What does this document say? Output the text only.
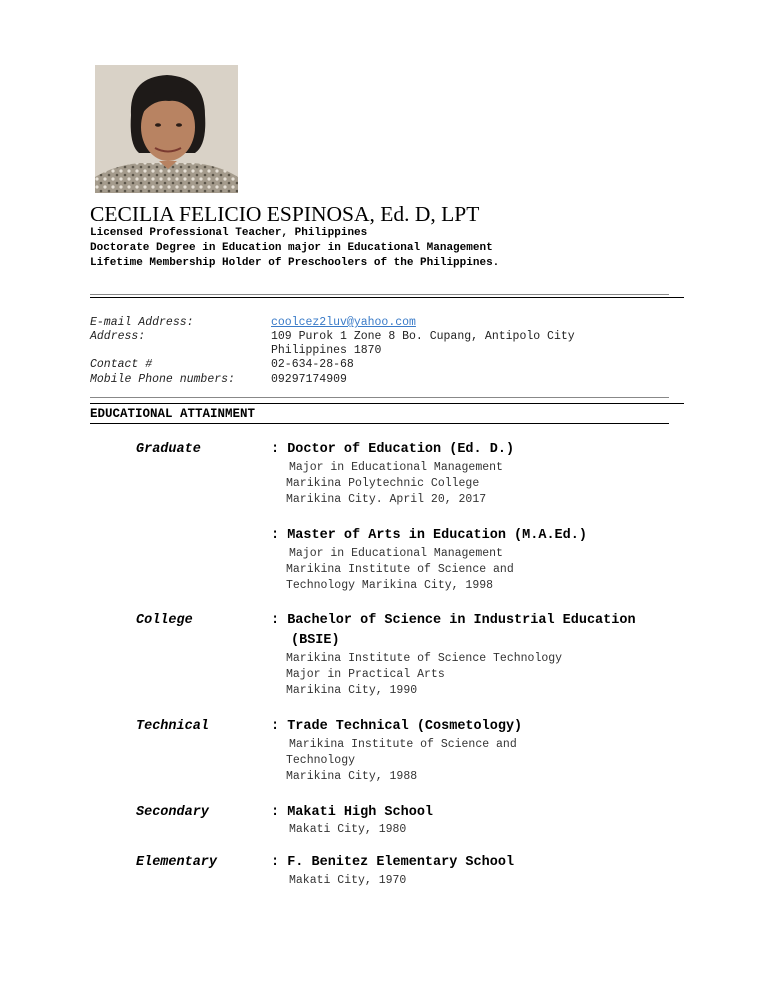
CECILIA FELICIO ESPINOSA, Ed. D, LPT
Licensed Professional Teacher, Philippines
Doctorate Degree in Education major in Educational Management
Lifetime Membership Holder of Preschoolers of the Philippines.
E-mail Address:	coolcez2luv@yahoo.com
Address:	109 Purok 1 Zone 8 Bo. Cupang, Antipolo City
Philippines 1870
Contact #	02-634-28-68
Mobile Phone numbers:	09297174909
EDUCATIONAL ATTAINMENT
Graduate	: Doctor of Education (Ed. D.)
Major in Educational Management
Marikina Polytechnic College
Marikina City. April 20, 2017
: Master of Arts in Education (M.A.Ed.)
Major in Educational Management
Marikina Institute of Science and
Technology Marikina City, 1998
College	: Bachelor of Science in Industrial Education
(BSIE)
Marikina Institute of Science Technology
Major in Practical Arts
Marikina City, 1990
Technical	: Trade Technical (Cosmetology)
Marikina Institute of Science and
Technology
Marikina City, 1988
Secondary	: Makati High School
Makati City, 1980
Elementary	: F. Benitez Elementary School
Makati City, 1970
